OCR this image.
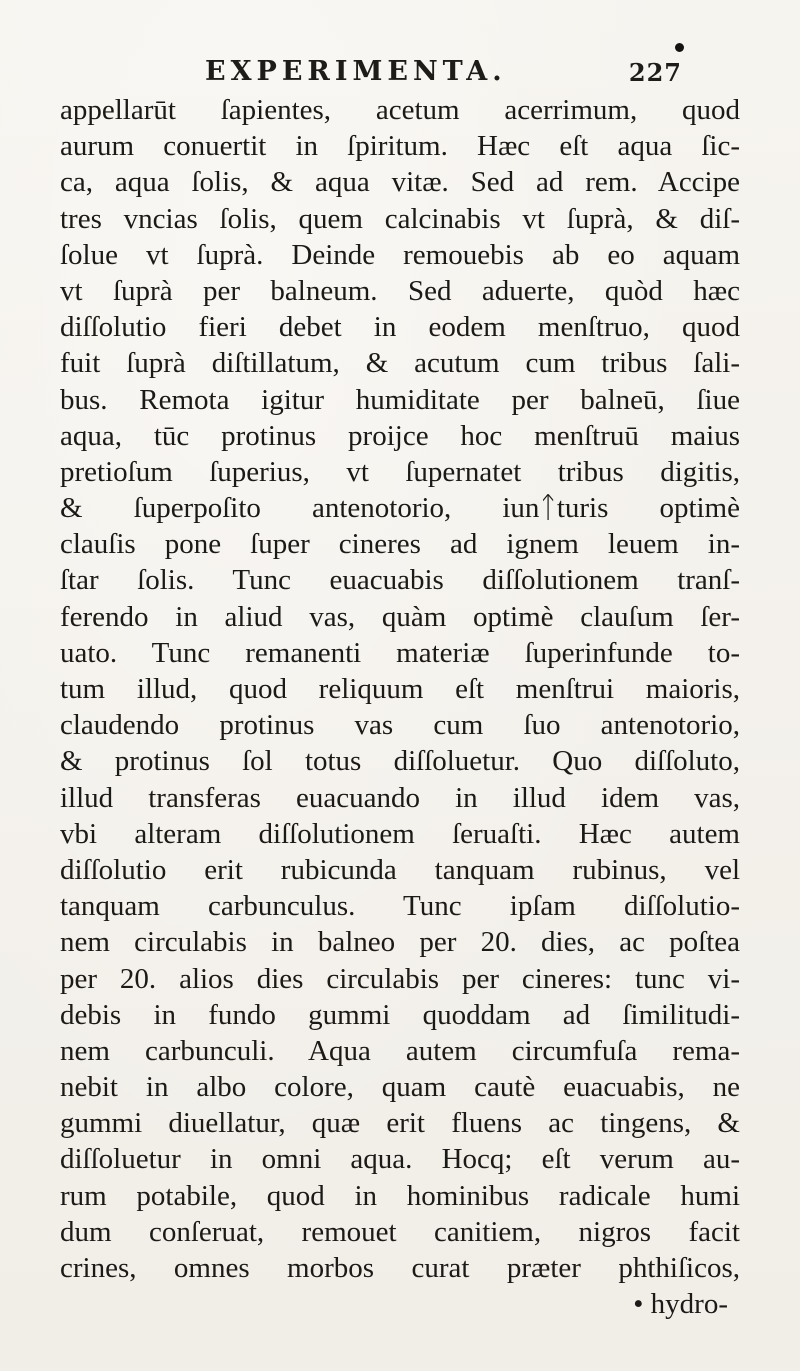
EXPERIMENTA.	227
appellarūt ſapientes, acetum acerrimum, quod
aurum conuertit in ſpiritum. Hæc eſt aqua ſic-
ca, aqua ſolis, & aqua vitæ. Sed ad rem. Accipe
tres vncias ſolis, quem calcinabis vt ſuprà, & diſ-
ſolue vt ſuprà. Deinde remouebis ab eo aquam
vt ſuprà per balneum. Sed aduerte, quòd hæc
diſſolutio fieri debet in eodem menſtruo, quod
fuit ſuprà diſtillatum, & acutum cum tribus ſali-
bus. Remota igitur humiditate per balneū, ſiue
aqua, tūc protinus proijce hoc menſtruū maius
pretioſum ſuperius, vt ſupernatet tribus digitis,
& ſuperpoſito antenotorio, iunᛏturis optimè
clauſis pone ſuper cineres ad ignem leuem in-
ſtar ſolis. Tunc euacuabis diſſolutionem tranſ-
ferendo in aliud vas, quàm optimè clauſum ſer-
uato. Tunc remanenti materiæ ſuperinfunde to-
tum illud, quod reliquum eſt menſtrui maioris,
claudendo protinus vas cum ſuo antenotorio,
& protinus ſol totus diſſoluetur. Quo diſſoluto,
illud transferas euacuando in illud idem vas,
vbi alteram diſſolutionem ſeruaſti. Hæc autem
diſſolutio erit rubicunda tanquam rubinus, vel
tanquam carbunculus. Tunc ipſam diſſolutio-
nem circulabis in balneo per 20. dies, ac poſtea
per 20. alios dies circulabis per cineres: tunc vi-
debis in fundo gummi quoddam ad ſimilitudi-
nem carbunculi. Aqua autem circumfuſa rema-
nebit in albo colore, quam cautè euacuabis, ne
gummi diuellatur, quæ erit fluens ac tingens, &
diſſoluetur in omni aqua. Hocq; eſt verum au-
rum potabile, quod in hominibus radicale humi
dum conſeruat, remouet canitiem, nigros facit
crines, omnes morbos curat præter phthiſicos,
• hydro-
